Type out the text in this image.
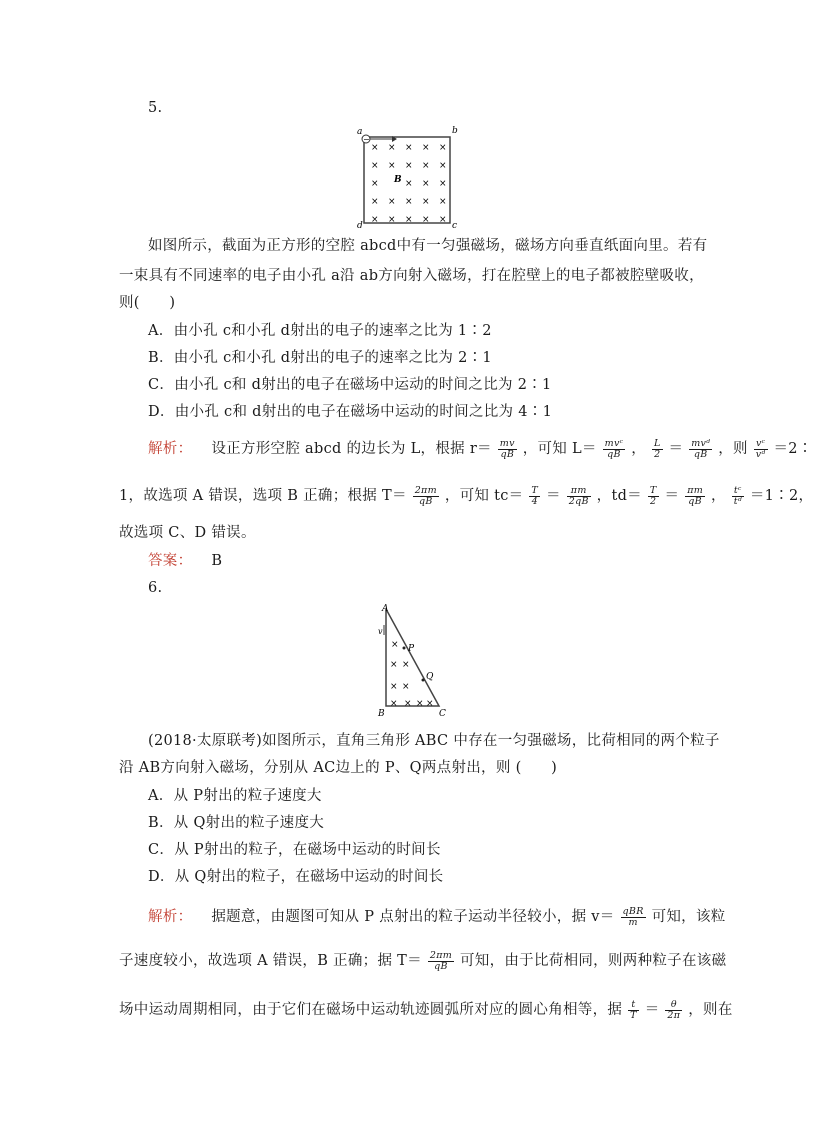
5.
a	b
c
d
−
B
× × × × ×
× × × × ×
×	× × ×
× × × × ×
× × × × ×
如图所示，截面为正方形的空腔 abcd中有一匀强磁场，磁场方向垂直纸面向里。若有
一束具有不同速率的电子由小孔 a沿 ab方向射入磁场，打在腔壁上的电子都被腔壁吸收，
则(　　)
A．由小孔 c和小孔 d射出的电子的速率之比为 1∶2
B．由小孔 c和小孔 d射出的电子的速率之比为 2∶1
C．由小孔 c和 d射出的电子在磁场中运动的时间之比为 2∶1
D．由小孔 c和 d射出的电子在磁场中运动的时间之比为 4∶1
解析： 设正方形空腔 abcd 的边长为 L，根据 $r= \frac{mv}{qB}$ ，可知 $L= \frac{\text{mvᶜ}}{qB}$ ， $\frac{L}{2} = \frac{\text{mvᵈ}}{qB}$ ，则 $\frac{\text{vᶜ}}{\text{vᵈ}}$ ＝2∶
1，故选项 A 错误，选项 B 正确；根据 $T= \frac{2\pi m}{qB}$ ，可知 $tc= \frac{T}{4} = \frac{\pi m}{2qB}$ ，$td= \frac{T}{2} = \frac{\pi m}{qB}$ ， $\frac{\text{tᶜ}}{\text{tᵈ}}$ ＝1∶2，
故选项 C、D 错误。
答案： B
6.
A
B	C
P
Q
v
×
× ×
× ×
× × × ×
(2018·太原联考)如图所示，直角三角形 ABC 中存在一匀强磁场，比荷相同的两个粒子
沿 AB方向射入磁场，分别从 AC边上的 P、Q两点射出，则 (　　)
A．从 P射出的粒子速度大
B．从 Q射出的粒子速度大
C．从 P射出的粒子，在磁场中运动的时间长
D．从 Q射出的粒子，在磁场中运动的时间长
解析： 据题意，由题图可知从 P 点射出的粒子运动半径较小，据 $v= \frac{\text{qBR}}{m}$ 可知，该粒
子速度较小，故选项 A 错误，B 正确；据 $T= \frac{2\pi m}{qB}$ 可知，由于比荷相同，则两种粒子在该磁
场中运动周期相同，由于它们在磁场中运动轨迹圆弧所对应的圆心角相等，据 $\frac{t}{T} = \frac{\theta}{2\pi}$ ，则在
